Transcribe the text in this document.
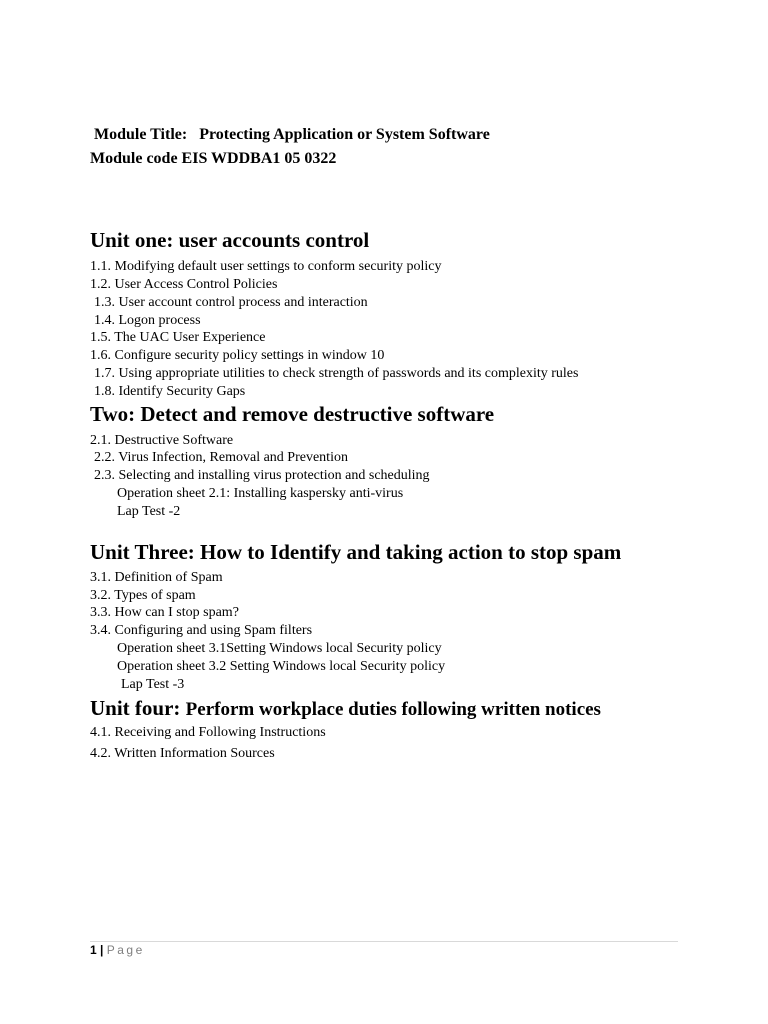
Module Title: Protecting Application or System Software
Module code EIS WDDBA1 05 0322
Unit one: user accounts control
1.1. Modifying default user settings to conform security policy
1.2. User Access Control Policies
1.3. User account control process and interaction
1.4. Logon process
1.5. The UAC User Experience
1.6. Configure security policy settings in window 10
1.7. Using appropriate utilities to check strength of passwords and its complexity rules
1.8. Identify Security Gaps
Two: Detect and remove destructive software
2.1. Destructive Software
2.2. Virus Infection, Removal and Prevention
2.3. Selecting and installing virus protection and scheduling
Operation sheet 2.1: Installing kaspersky anti-virus
Lap Test -2
Unit Three: How to Identify and taking action to stop spam
3.1. Definition of Spam
3.2. Types of spam
3.3. How can I stop spam?
3.4. Configuring and using Spam filters
Operation sheet 3.1Setting Windows local Security policy
Operation sheet 3.2 Setting Windows local Security policy
Lap Test -3
Unit four: Perform workplace duties following written notices
4.1. Receiving and Following Instructions
4.2. Written Information Sources
1 | Page
